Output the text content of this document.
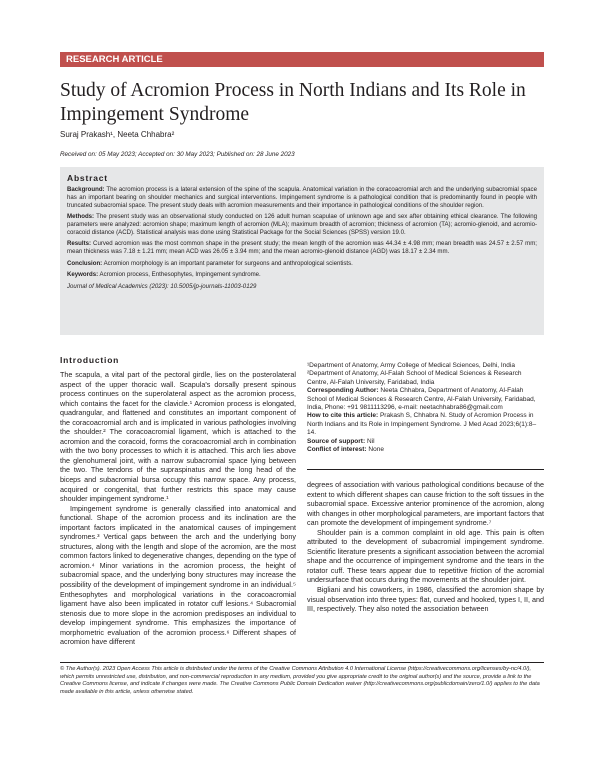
RESEARCH ARTICLE
Study of Acromion Process in North Indians and Its Role in Impingement Syndrome
Suraj Prakash¹, Neeta Chhabra²
Received on: 05 May 2023; Accepted on: 30 May 2023; Published on: 28 June 2023
Abstract

Background: The acromion process is a lateral extension of the spine of the scapula. Anatomical variation in the coracoacromial arch and the underlying subacromial space has an important bearing on shoulder mechanics and surgical interventions. Impingement syndrome is a pathological condition that is predominantly found in people with truncated subacromial space. The present study deals with acromion measurements and their importance in pathological conditions of the shoulder region.

Methods: The present study was an observational study conducted on 126 adult human scapulae of unknown age and sex after obtaining ethical clearance. The following parameters were analyzed: acromion shape; maximum length of acromion (MLA); maximum breadth of acromion; thickness of acromion (TA); acromio-glenoid, and acromio-coracoid distance (ACD). Statistical analysis was done using Statistical Package for the Social Sciences (SPSS) version 19.0.

Results: Curved acromion was the most common shape in the present study; the mean length of the acromion was 44.34 ± 4.98 mm; mean breadth was 24.57 ± 2.57 mm; mean thickness was 7.18 ± 1.21 mm; mean ACD was 26.05 ± 3.94 mm; and the mean acromio-glenoid distance (AGD) was 18.17 ± 2.34 mm.

Conclusion: Acromion morphology is an important parameter for surgeons and anthropological scientists.

Keywords: Acromion process, Enthesophytes, Impingement syndrome.

Journal of Medical Academics (2023): 10.5005/jp-journals-11003-0129
Introduction

The scapula, a vital part of the pectoral girdle, lies on the posterolateral aspect of the upper thoracic wall. Scapula's dorsally present spinous process continues on the superolateral aspect as the acromion process, which contains the facet for the clavicle.¹ Acromion process is elongated, quadrangular, and flattened and constitutes an important component of the coracoacromial arch and is implicated in various pathologies involving the shoulder.² The coracoacromial ligament, which is attached to the acromion and the coracoid, forms the coracoacromial arch in combination with the two bony processes to which it is attached. This arch lies above the glenohumeral joint, with a narrow subacromial space lying between the two. The tendons of the supraspinatus and the long head of the biceps and subacromial bursa occupy this narrow space. Any process, acquired or congenital, that further restricts this space may cause shoulder impingement syndrome.¹

Impingement syndrome is generally classified into anatomical and functional. Shape of the acromion process and its inclination are the important factors implicated in the anatomical causes of impingement syndromes.³ Vertical gaps between the arch and the underlying bony structures, along with the length and slope of the acromion, are the most common factors linked to degenerative changes, depending on the type of acromion.⁴ Minor variations in the acromion process, the height of subacromial space, and the underlying bony structures may increase the possibility of the development of impingement syndrome in an individual.⁵ Enthesophytes and morphological variations in the coracoacromial ligament have also been implicated in rotator cuff lesions.⁴ Subacromial stenosis due to more slope in the acromion predisposes an individual to develop impingement syndrome. This emphasizes the importance of morphometric evaluation of the acromion process.⁶ Different shapes of acromion have different

¹Department of Anatomy, Army College of Medical Sciences, Delhi, India

²Department of Anatomy, Al-Falah School of Medical Sciences & Research Centre, Al-Falah University, Faridabad, India

Corresponding Author: Neeta Chhabra, Department of Anatomy, Al-Falah School of Medical Sciences & Research Centre, Al-Falah University, Faridabad, India, Phone: +91 9811113296, e-mail: neetachhabra86@gmail.com

How to cite this article: Prakash S, Chhabra N. Study of Acromion Process in North Indians and Its Role in Impingement Syndrome. J Med Acad 2023;6(1):8–14.

Source of support: Nil

Conflict of interest: None

degrees of association with various pathological conditions because of the extent to which different shapes can cause friction to the soft tissues in the subacromial space. Excessive anterior prominence of the acromion, along with changes in other morphological parameters, are important factors that can promote the development of impingement syndrome.⁷

Shoulder pain is a common complaint in old age. This pain is often attributed to the development of subacromial impingement syndrome. Scientific literature presents a significant association between the acromial shape and the occurrence of impingement syndrome and the tears in the rotator cuff. These tears appear due to repetitive friction of the acromial undersurface that occurs during the movements at the shoulder joint.

Bigliani and his coworkers, in 1986, classified the acromion shape by visual observation into three types: flat, curved and hooked, types I, II, and III, respectively. They also noted the association between

© The Author(s). 2023 Open Access This article is distributed under the terms of the Creative Commons Attribution 4.0 International License (https://creativecommons.org/licenses/by-nc/4.0/), which permits unrestricted use, distribution, and non-commercial reproduction in any medium, provided you give appropriate credit to the original author(s) and the source, provide a link to the Creative Commons license, and indicate if changes were made. The Creative Commons Public Domain Dedication waiver (http://creativecommons.org/publicdomain/zero/1.0/) applies to the data made available in this article, unless otherwise stated.
